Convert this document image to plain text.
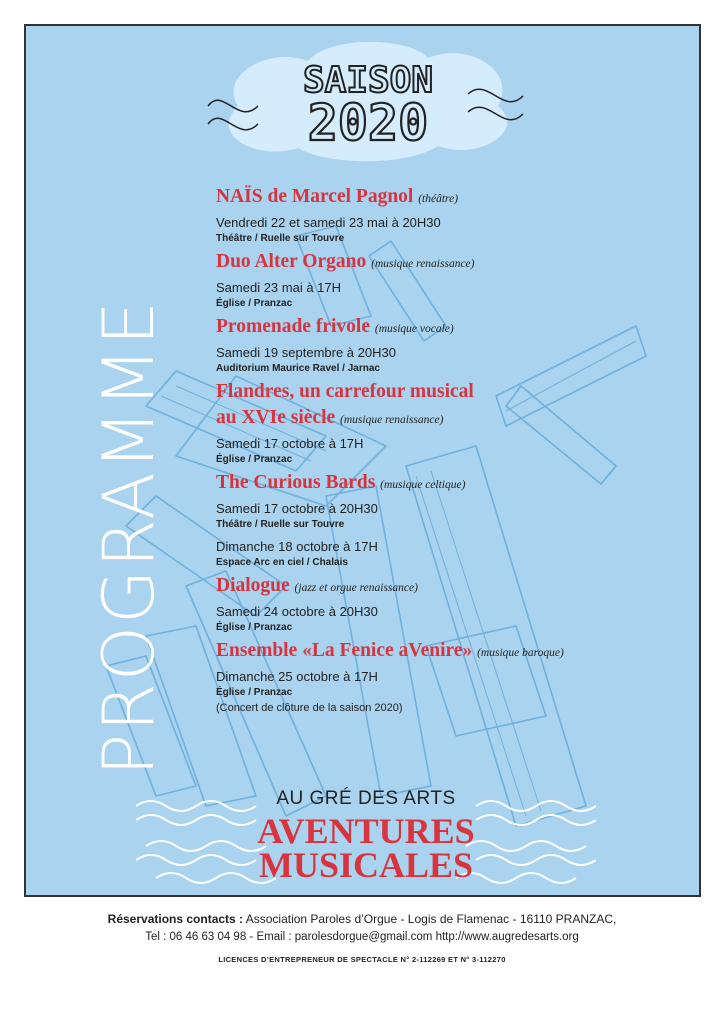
SAISON
2020
PROGRAMME
NAÏS de Marcel Pagnol (théâtre)
Vendredi 22 et samedi 23 mai à 20H30
Théâtre / Ruelle sur Touvre
Duo Alter Organo (musique renaissance)
Samedi 23 mai à 17H
Église / Pranzac
Promenade frivole (musique vocale)
Samedi 19 septembre à 20H30
Auditorium Maurice Ravel / Jarnac
Flandres, un carrefour musical
au XVIe siècle (musique renaissance)
Samedi 17 octobre à 17H
Église / Pranzac
The Curious Bards (musique celtique)
Samedi 17 octobre à 20H30
Théâtre / Ruelle sur Touvre
Dimanche 18 octobre à 17H
Espace Arc en ciel / Chalais
Dialogue (jazz et orgue renaissance)
Samedi 24 octobre à 20H30
Église / Pranzac
Ensemble «La Fenice aVenire» (musique baroque)
Dimanche 25 octobre à 17H
Église / Pranzac
(Concert de clôture de la saison 2020)
AU GRÉ DES ARTS
AVENTURES
MUSICALES
Réservations contacts : Association Paroles d’Orgue - Logis de Flamenac - 16110 PRANZAC,
Tel : 06 46 63 04 98 - Email : parolesdorgue@gmail.com http://www.augredesarts.org
LICENCES D’ENTREPRENEUR DE SPECTACLE N° 2-112269 ET N° 3-112270
